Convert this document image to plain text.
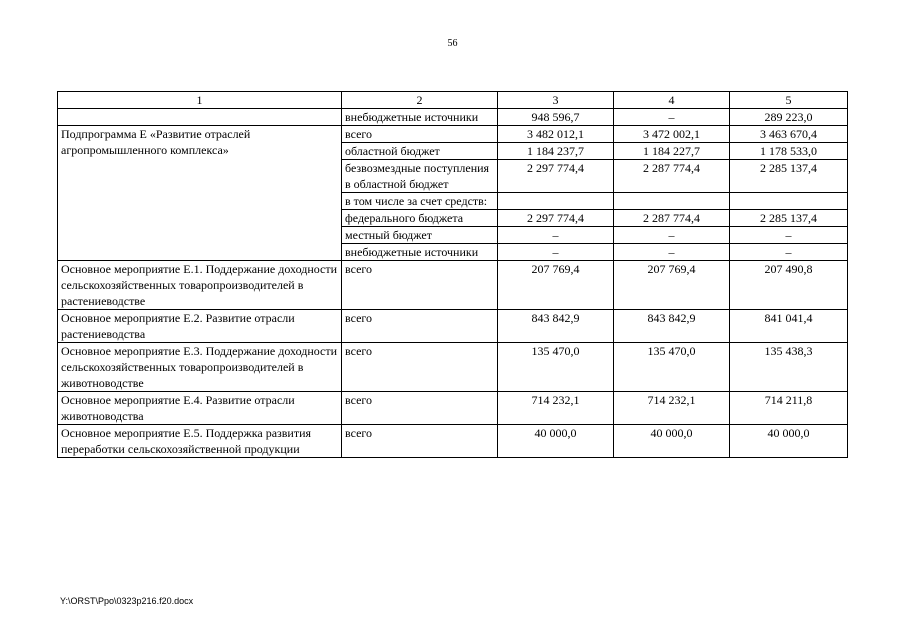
56
1	2	3	4	5
	внебюджетные источники	948 596,7	–	289 223,0
Подпрограмма Е «Развитие отраслей агропромышленного комплекса»	всего	3 482 012,1	3 472 002,1	3 463 670,4
	областной бюджет	1 184 237,7	1 184 227,7	1 178 533,0
	безвозмездные поступления в областной бюджет	2 297 774,4	2 287 774,4	2 285 137,4
	в том числе за счет средств:			
	федерального бюджета	2 297 774,4	2 287 774,4	2 285 137,4
	местный бюджет	–	–	–
	внебюджетные источники	–	–	–
Основное мероприятие Е.1. Поддержание доходности сельскохозяйственных товаропроизводителей в растениеводстве	всего	207 769,4	207 769,4	207 490,8
Основное мероприятие Е.2. Развитие отрасли растениеводства	всего	843 842,9	843 842,9	841 041,4
Основное мероприятие Е.3. Поддержание доходности сельскохозяйственных товаропроизводителей в животноводстве	всего	135 470,0	135 470,0	135 438,3
Основное мероприятие Е.4. Развитие отрасли животноводства	всего	714 232,1	714 232,1	714 211,8
Основное мероприятие Е.5. Поддержка развития переработки сельскохозяйственной продукции	всего	40 000,0	40 000,0	40 000,0
Y:\ORST\Ppo\0323p216.f20.docx
